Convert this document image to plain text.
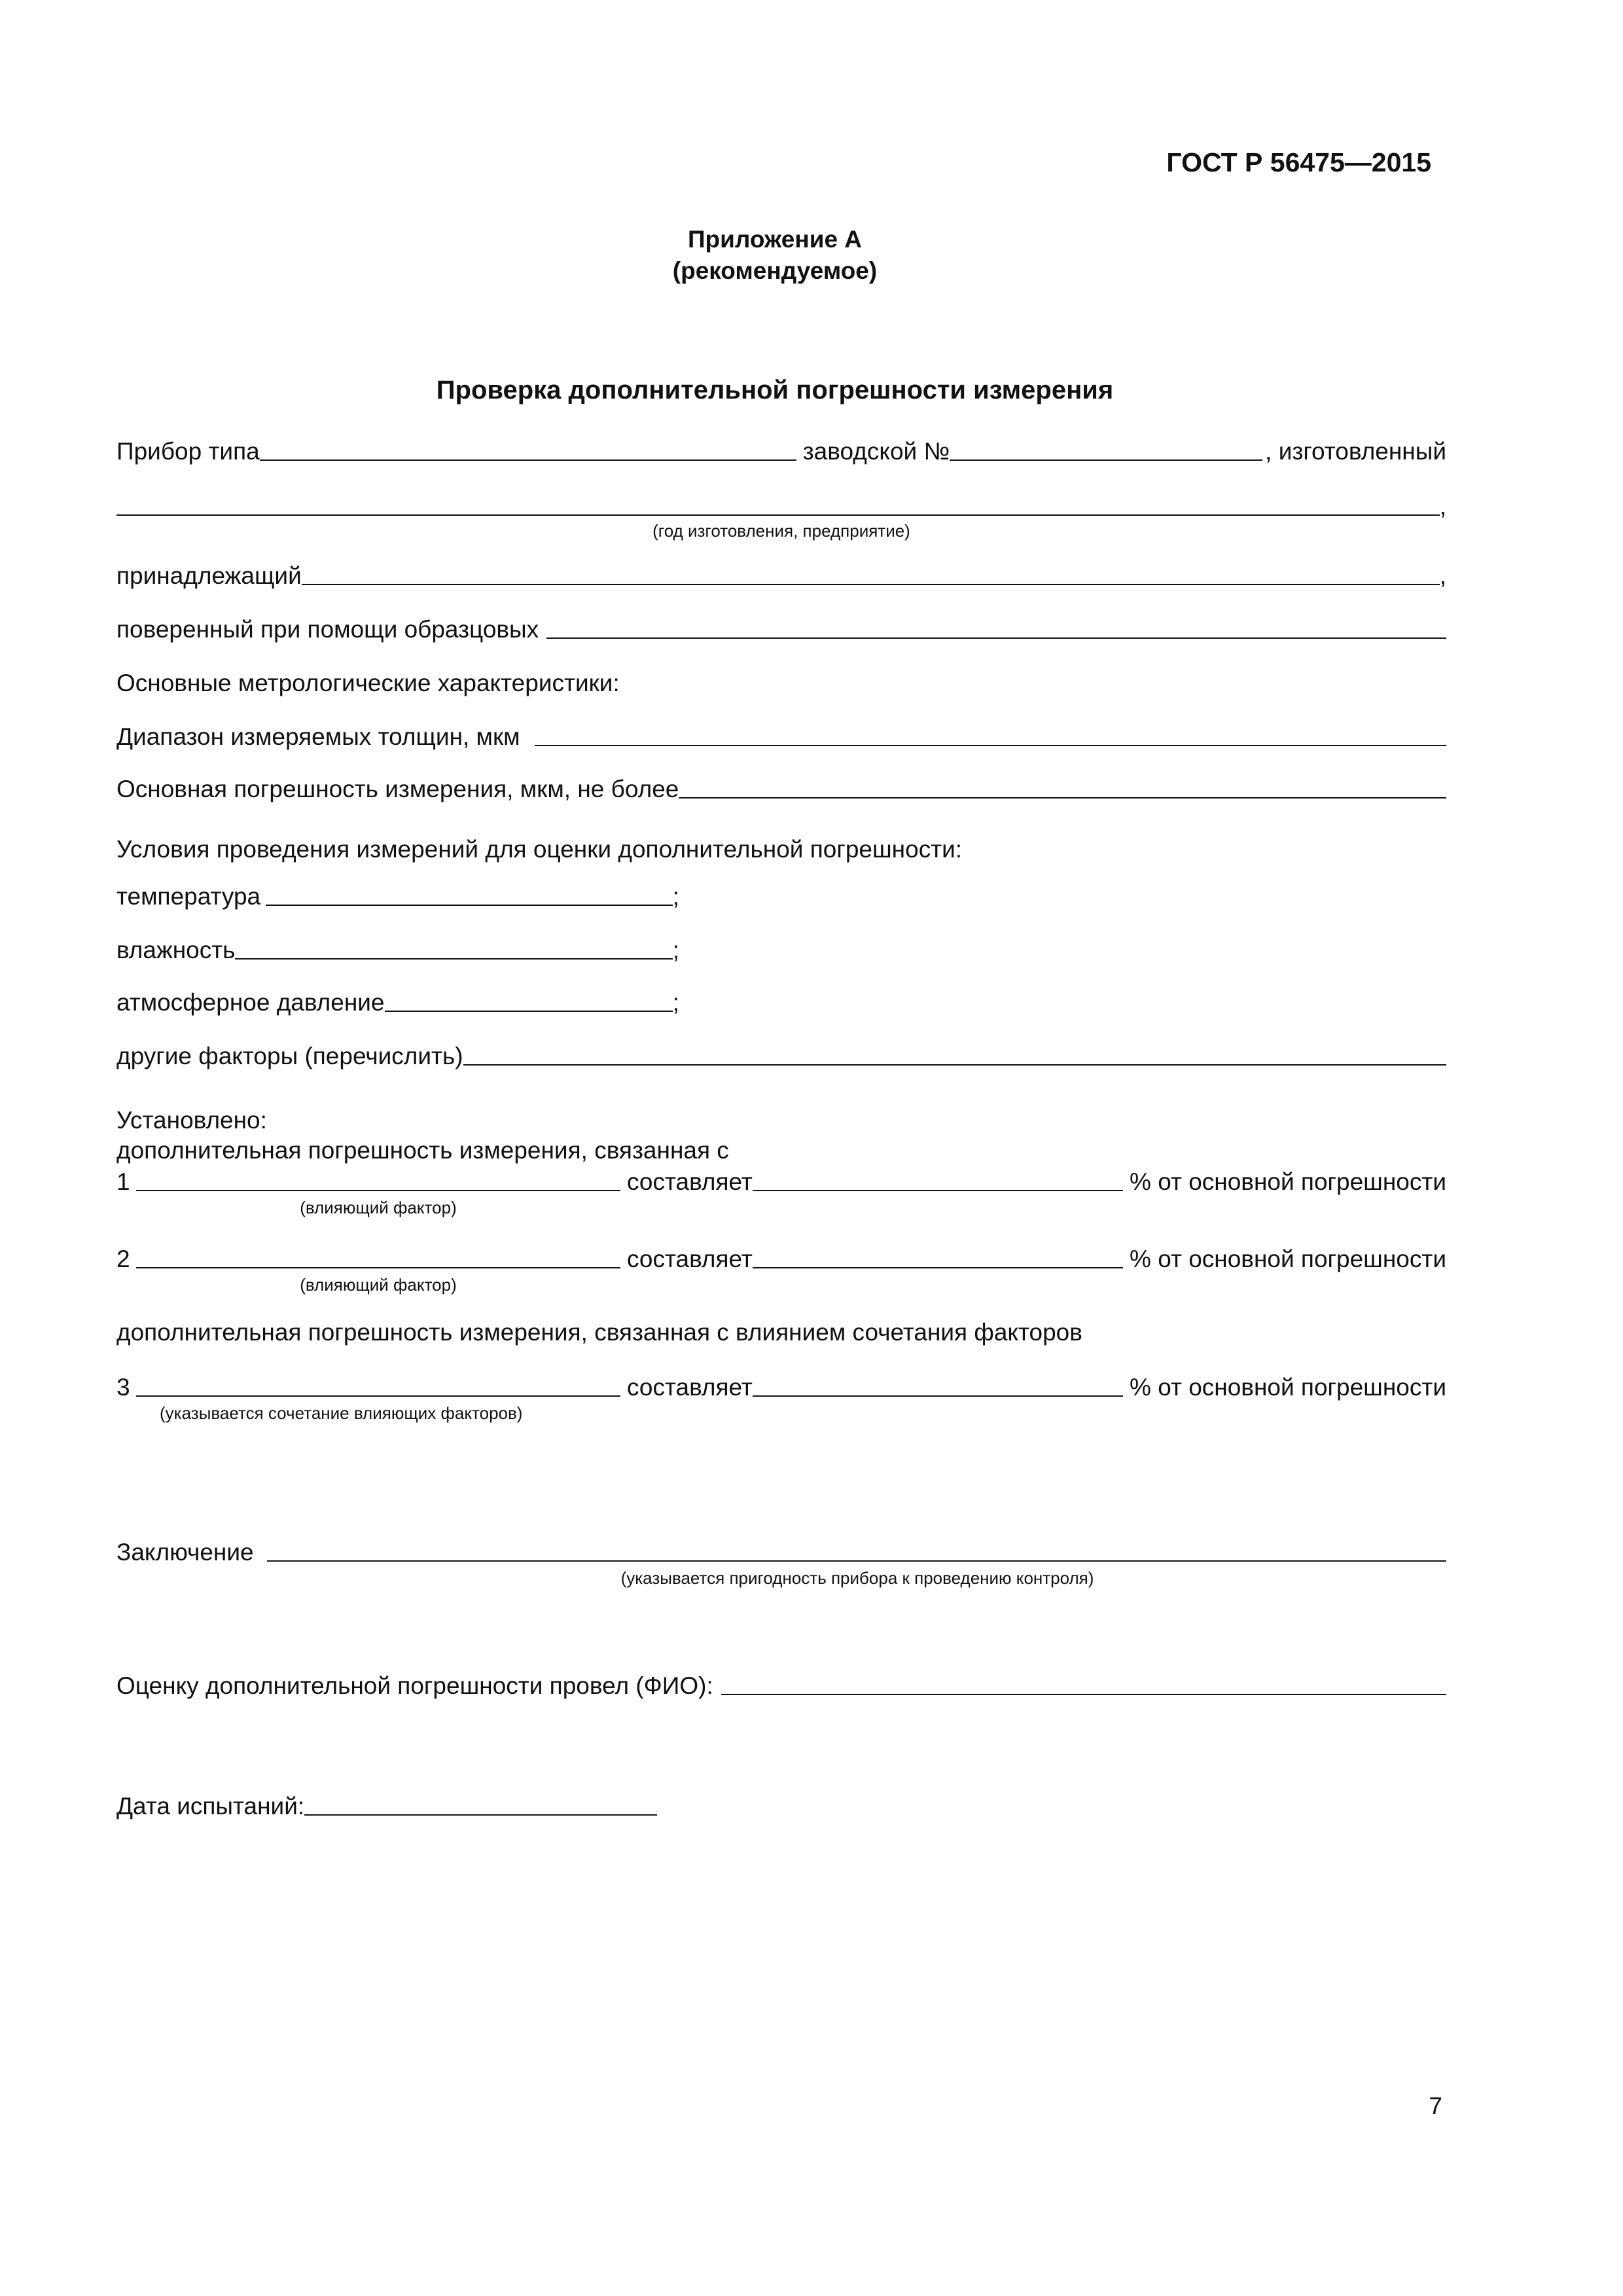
ГОСТ Р 56475—2015
Приложение А
(рекомендуемое)
Проверка дополнительной погрешности измерения
Прибор типа	заводской №	, изготовленный
,
(год изготовления, предприятие)
принадлежащий	,
поверенный при помощи образцовых
Основные метрологические характеристики:
Диапазон измеряемых толщин, мкм
Основная погрешность измерения, мкм, не более
Условия проведения измерений для оценки дополнительной погрешности:
температура	;
влажность	;
атмосферное давление	;
другие факторы (перечислить)
Установлено:
дополнительная погрешность измерения, связанная с
1	составляет	% от основной погрешности
(влияющий фактор)
2	составляет	% от основной погрешности
(влияющий фактор)
дополнительная погрешность измерения, связанная с влиянием сочетания факторов
3	составляет	% от основной погрешности
(указывается сочетание влияющих факторов)
Заключение
(указывается пригодность прибора к проведению контроля)
Оценку дополнительной погрешности провел (ФИО):
Дата испытаний:
7
